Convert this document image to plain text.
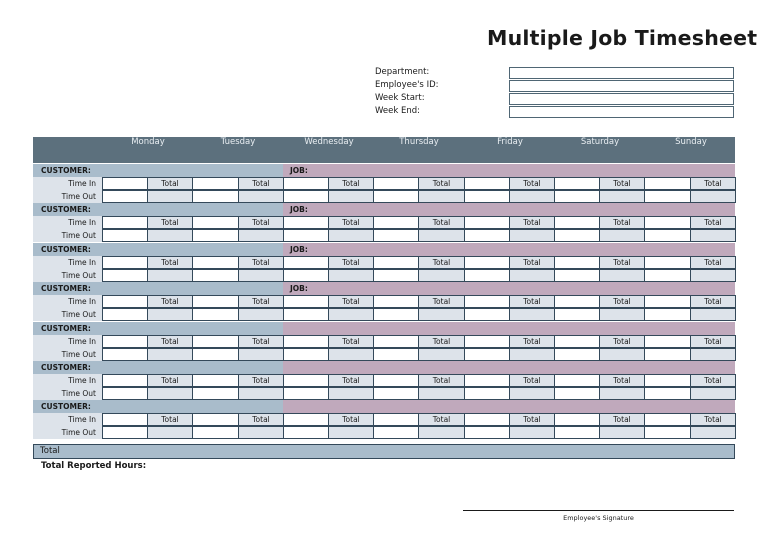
Multiple Job Timesheet
Department:
Employee's ID:
Week Start:
Week End:
Monday	Tuesday	Wednesday	Thursday	Friday	Saturday	Sunday
CUSTOMER:	JOB:
Time In	Total	Total	Total	Total	Total	Total	Total
Time Out
CUSTOMER:	JOB:
Time In	Total	Total	Total	Total	Total	Total	Total
Time Out
CUSTOMER:	JOB:
Time In	Total	Total	Total	Total	Total	Total	Total
Time Out
CUSTOMER:	JOB:
Time In	Total	Total	Total	Total	Total	Total	Total
Time Out
CUSTOMER:
Time In	Total	Total	Total	Total	Total	Total	Total
Time Out
CUSTOMER:
Time In	Total	Total	Total	Total	Total	Total	Total
Time Out
CUSTOMER:
Time In	Total	Total	Total	Total	Total	Total	Total
Time Out
Total
Total Reported Hours:
Employee's Signature
